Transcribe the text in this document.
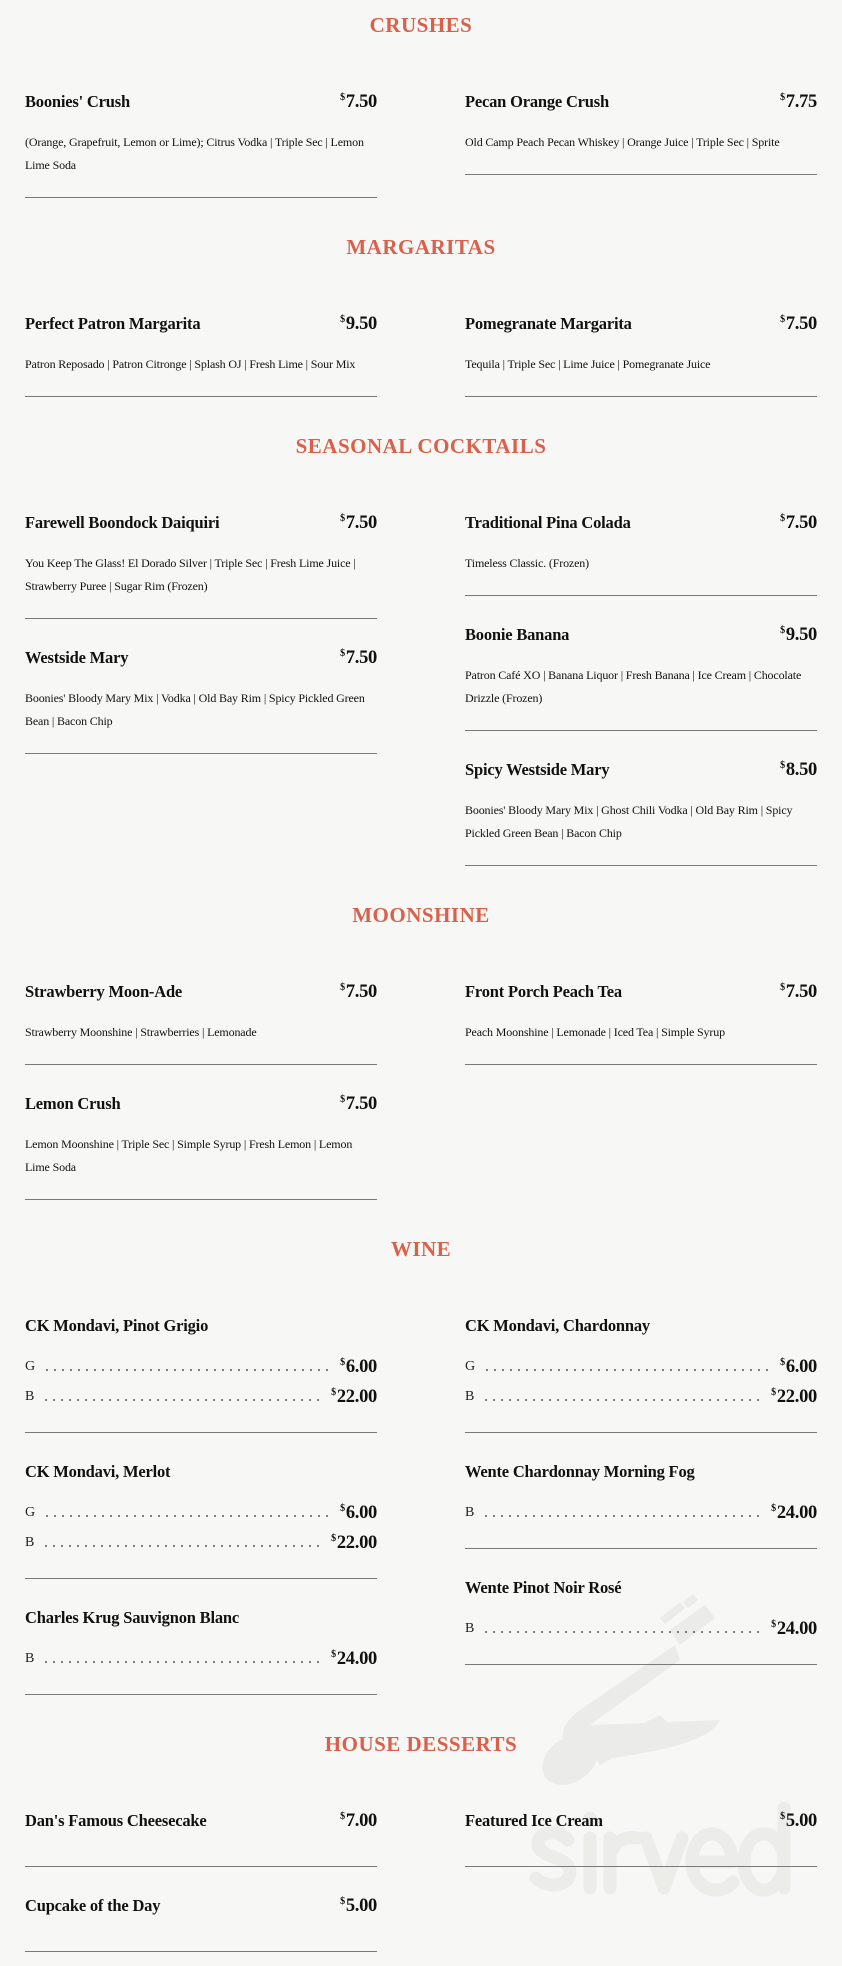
CRUSHES
Boonies' Crush	$7.50
(Orange, Grapefruit, Lemon or Lime); Citrus Vodka | Triple Sec | Lemon Lime Soda
Pecan Orange Crush	$7.75
Old Camp Peach Pecan Whiskey | Orange Juice | Triple Sec | Sprite
MARGARITAS
Perfect Patron Margarita	$9.50
Patron Reposado | Patron Citronge | Splash OJ | Fresh Lime | Sour Mix
Pomegranate Margarita	$7.50
Tequila | Triple Sec | Lime Juice | Pomegranate Juice
SEASONAL COCKTAILS
Farewell Boondock Daiquiri	$7.50
You Keep The Glass! El Dorado Silver | Triple Sec | Fresh Lime Juice | Strawberry Puree | Sugar Rim (Frozen)
Westside Mary	$7.50
Boonies' Bloody Mary Mix | Vodka | Old Bay Rim | Spicy Pickled Green Bean | Bacon Chip
Traditional Pina Colada	$7.50
Timeless Classic. (Frozen)
Boonie Banana	$9.50
Patron Café XO | Banana Liquor | Fresh Banana | Ice Cream | Chocolate Drizzle (Frozen)
Spicy Westside Mary	$8.50
Boonies' Bloody Mary Mix | Ghost Chili Vodka | Old Bay Rim | Spicy Pickled Green Bean | Bacon Chip
MOONSHINE
Strawberry Moon-Ade	$7.50
Strawberry Moonshine | Strawberries | Lemonade
Lemon Crush	$7.50
Lemon Moonshine | Triple Sec | Simple Syrup | Fresh Lemon | Lemon Lime Soda
Front Porch Peach Tea	$7.50
Peach Moonshine | Lemonade | Iced Tea | Simple Syrup
WINE
CK Mondavi, Pinot Grigio
G	$6.00
B	$22.00
CK Mondavi, Merlot
G	$6.00
B	$22.00
Charles Krug Sauvignon Blanc
B	$24.00
CK Mondavi, Chardonnay
G	$6.00
B	$22.00
Wente Chardonnay Morning Fog
B	$24.00
Wente Pinot Noir Rosé
B	$24.00
HOUSE DESSERTS
Dan's Famous Cheesecake	$7.00
Cupcake of the Day	$5.00
Featured Ice Cream	$5.00
